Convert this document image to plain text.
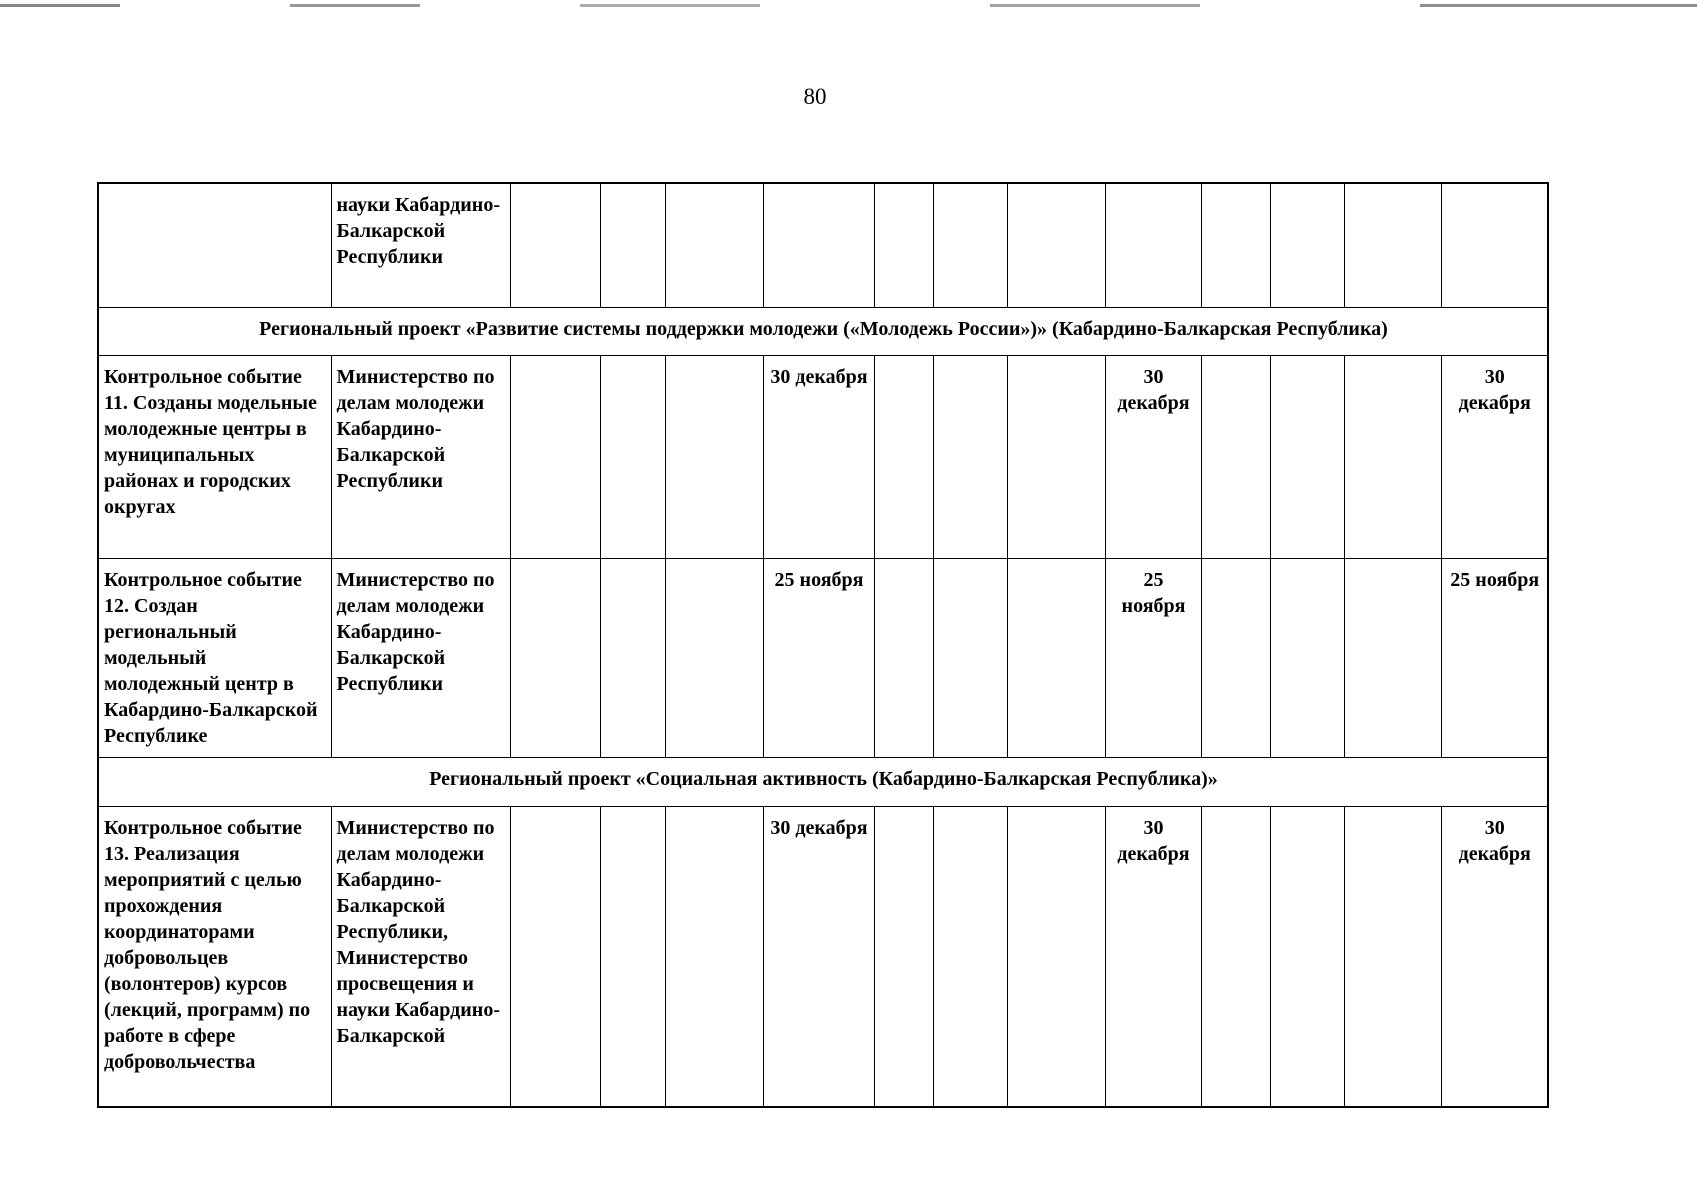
80
	науки Кабардино-Балкарской Республики												
Региональный проект «Развитие системы поддержки молодежи («Молодежь России»)» (Кабардино-Балкарская Республика)													
Контрольное событие 11. Созданы модельные молодежные центры в муниципальных районах и городских округах	Министерство по делам молодежи Кабардино-Балкарской Республики				30 декабря				30 декабря				30 декабря
Контрольное событие 12. Создан региональный модельный молодежный центр в Кабардино-Балкарской Республике	Министерство по делам молодежи Кабардино-Балкарской Республики				25 ноября				25 ноября				25 ноября
Региональный проект «Социальная активность (Кабардино-Балкарская Республика)»													
Контрольное событие 13. Реализация мероприятий с целью прохождения координаторами добровольцев (волонтеров) курсов (лекций, программ) по работе в сфере добровольчества	Министерство по делам молодежи Кабардино-Балкарской Республики, Министерство просвещения и науки Кабардино-Балкарской				30 декабря				30 декабря				30 декабря
